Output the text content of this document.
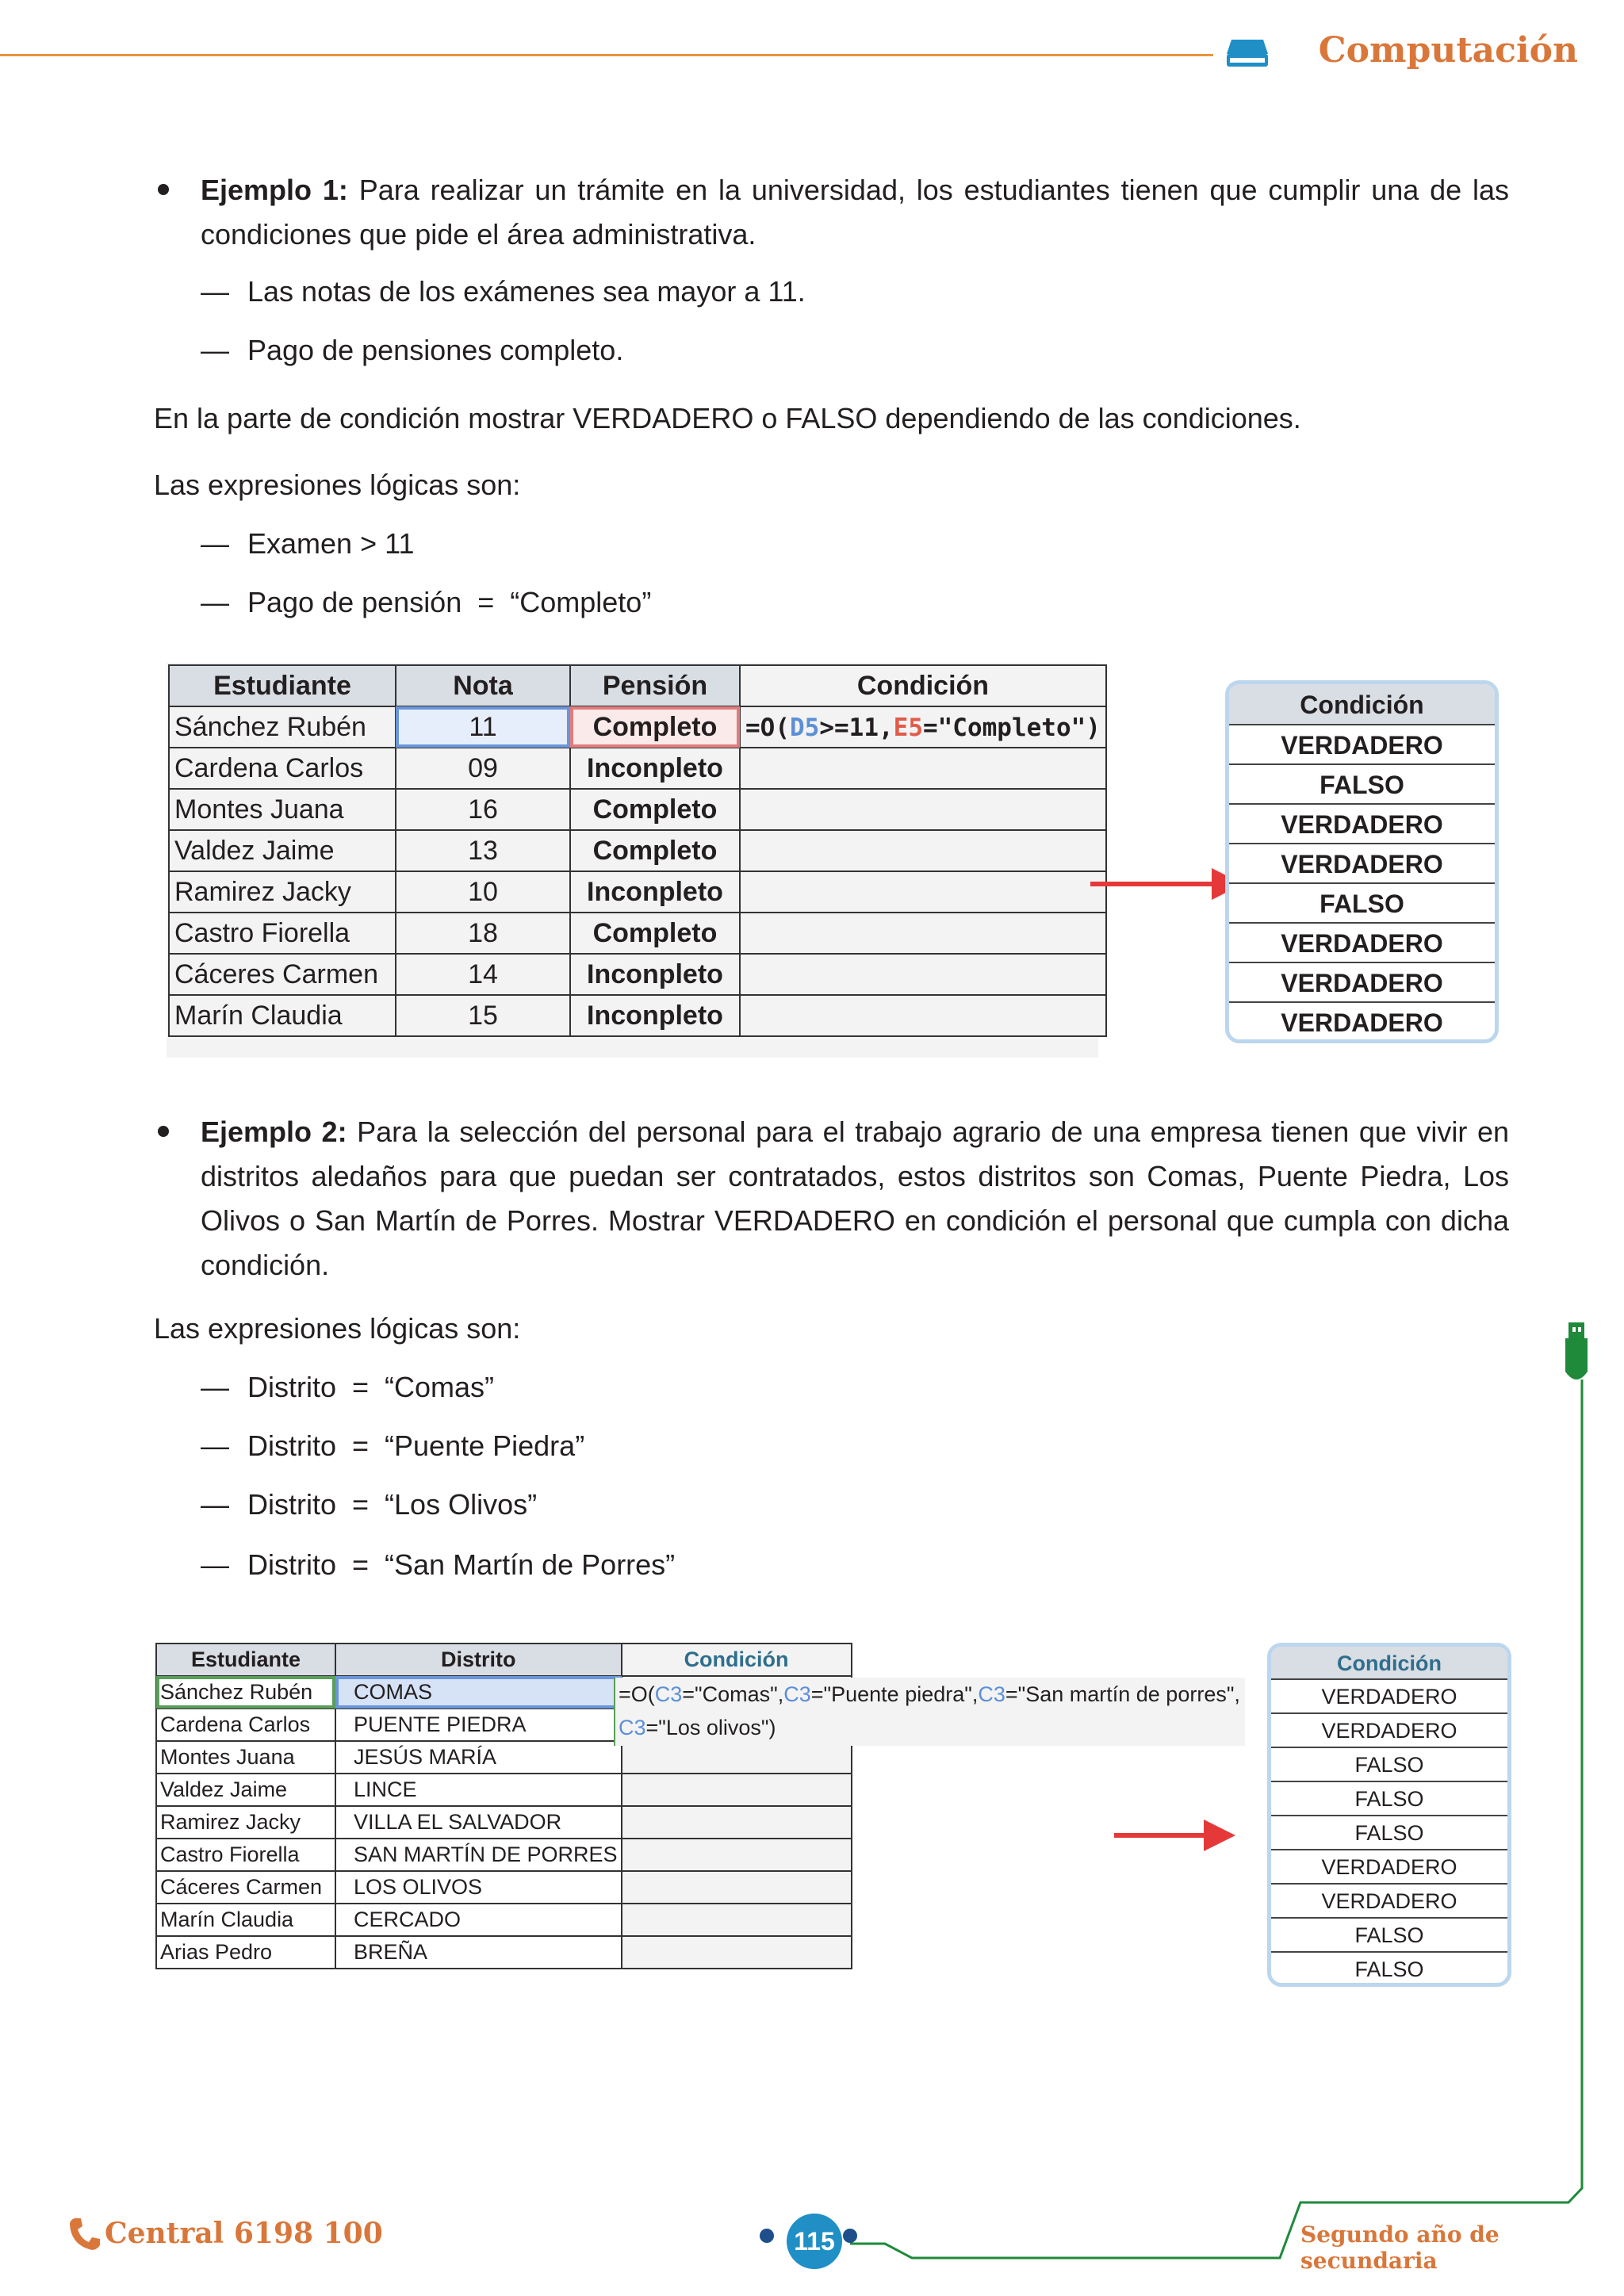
Computación
Ejemplo 1: Para realizar un trámite en la universidad, los estudiantes tienen que cumplir una de las condiciones que pide el área administrativa.
— Las notas de los exámenes sea mayor a 11.
— Pago de pensiones completo.
En la parte de condición mostrar VERDADERO o FALSO dependiendo de las condiciones.
Las expresiones lógicas son:
— Examen > 11
— Pago de pensión  =  “Completo”
Estudiante	Nota	Pensión	Condición
Sánchez Rubén	11	Completo	=O(D5>=11,E5="Completo")
Cardena Carlos	09	Inconpleto	
Montes Juana	16	Completo	
Valdez Jaime	13	Completo	
Ramirez Jacky	10	Inconpleto	
Castro Fiorella	18	Completo	
Cáceres Carmen	14	Inconpleto	
Marín Claudia	15	Inconpleto	
Condición
VERDADERO
FALSO
VERDADERO
VERDADERO
FALSO
VERDADERO
VERDADERO
VERDADERO
Ejemplo 2: Para la selección del personal para el trabajo agrario de una empresa tienen que vivir en distritos aledaños para que puedan ser contratados, estos distritos son Comas, Puente Piedra, Los Olivos o San Martín de Porres. Mostrar VERDADERO en condición el personal que cumpla con dicha condición.
Las expresiones lógicas son:
— Distrito  =  “Comas”
— Distrito  =  “Puente Piedra”
— Distrito  =  “Los Olivos”
— Distrito  =  “San Martín de Porres”
Estudiante	Distrito	Condición
Sánchez Rubén	COMAS	
Cardena Carlos	PUENTE PIEDRA	
Montes Juana	JESÚS MARÍA	
Valdez Jaime	LINCE	
Ramirez Jacky	VILLA EL SALVADOR	
Castro Fiorella	SAN MARTÍN DE PORRES	
Cáceres Carmen	LOS OLIVOS	
Marín Claudia	CERCADO	
Arias Pedro	BREÑA	
=O(C3="Comas",C3="Puente piedra",C3="San martín de porres",
C3="Los olivos")
Condición
VERDADERO
VERDADERO
FALSO
FALSO
FALSO
VERDADERO
VERDADERO
FALSO
FALSO
Central 6198 100	115	Segundo año de secundaria
